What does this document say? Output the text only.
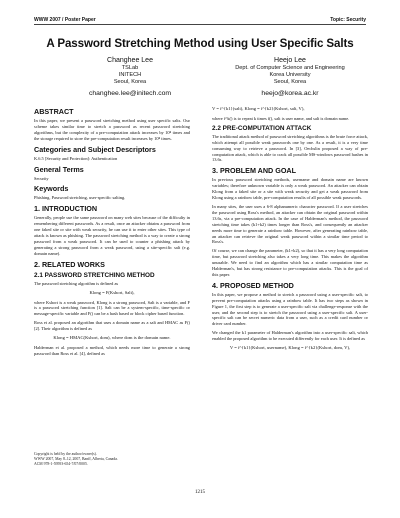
WWW 2007 / Poster Paper	Topic: Security
A Password Stretching Method using User Specific Salts
Changhee Lee
TSLab
INITECH
Seoul, Korea
changhee.lee@initech.com
Heejo Lee
Dept. of Computer Science and Engineering
Korea University
Seoul, Korea
heejo@korea.ac.kr
ABSTRACT
In this paper, we present a password stretching method using user specific salts. Our scheme takes similar time to stretch a password as recent password stretching algorithms, but the complexity of a pre-computation attack increases by 10⁸ times and the storage required to store the pre-computation result increases by 10⁸ times.
Categories and Subject Descriptors
K.6.5 [Security and Protection]: Authentication
General Terms
Security
Keywords
Phishing, Password stretching, user-specific salting.
1. INTRODUCTION
Generally, people use the same password on many web sites because of the difficulty in remembering different passwords. As a result, once an attacker obtains a password from one faked site or site with weak security, he can use it to enter other sites. This type of attack is known as phishing. The password stretching method is a way to create a strong password from a weak password. It can be used to counter a phishing attack by generating a strong password from a weak password, using a site-specific salt (e.g. domain name).
2. RELATED WORKS
2.1 PASSWORD STRETCHING METHOD
The password stretching algorithm is defined as
Klong = F(Kshort, Salt),
where Kshort is a weak password, Klong is a strong password, Salt is a variable, and F is a password stretching function [1]. Salt can be a system-specific, time-specific or message-specific variable and F() can be a hash based or block cipher based function.
Ross et al. proposed an algorithm that uses a domain name as a salt and HMAC as F() [2]. Their algorithm is defined as
Klong = HMAC(Kshort, dom), where dom is the domain name.
Halderman et al. proposed a method, which needs more time to generate a strong password than Ross et al. [4], defined as
V = f^{k1}(salt), Klong = f^{k2}(Kshort, salt, V),
where f^k() is to repeat k times f(), salt is user name, and salt is domain name.
2.2 PRE-COMPUTATION ATTACK
The traditional attack method of password stretching algorithms is the brute force attack, which attempt all possible weak passwords one by one. As a result, it is a very time consuming way to retrieve a password. In [3], Oechslin proposed a way of pre-computation attack, which is able to crack all possible MS-windows password hashes in 13.6s.
3. PROBLEM AND GOAL
In previous password stretching methods, username and domain name are known variables; therefore unknown variable is only a weak password. An attacker can obtain Klong from a faked site or a site with weak security and get a weak password from Klong using a rainbow table, pre-computation results of all possible weak passwords.
In many sites, the user uses a 6-8 alphanumeric character password. If a user stretches the password using Ross's method, an attacker can obtain the original password within 13.6s, via a pre-computation attack. In the case of Halderman's method, the password stretching time takes (k1+k2) times longer than Ross's, and consequently an attacker needs more time to generate a rainbow table. However, after generating rainbow table, an attacker can retrieve the original weak password within a similar time period to Ross's.
Of course, we can change the parameter, (k1+k2), so that it has a very long computation time, but password stretching also takes a very long time. This makes the algorithm unusable. We need to find an algorithm which has a similar computation time as Halderman's, but has strong resistance to pre-computation attacks. This is the goal of this paper.
4. PROPOSED METHOD
In this paper, we propose a method to stretch a password using a user-specific salt, to prevent pre-computation attacks using a rainbow table. It has two steps as shown in Figure 1, the first step is to generate a user-specific salt via challenge-response with the user, and the second step is to stretch the password using a user-specific salt. A user-specific salt can be secret numeric data from a user, such as a credit card number or driver card number.
We changed the k1 parameter of Halderman's algorithm into a user-specific salt, which enabled the proposed algorithm to be executed differently for each user. It is defined as
V = f^{k1}(Kshort, username), Klong = f^{k2}(Kshort, dom, V),
Copyright is held by the author/owner(s).
WWW 2007, May 8–12, 2007, Banff, Alberta, Canada.
ACM 978-1-59593-654-7/07/0005.
1215
